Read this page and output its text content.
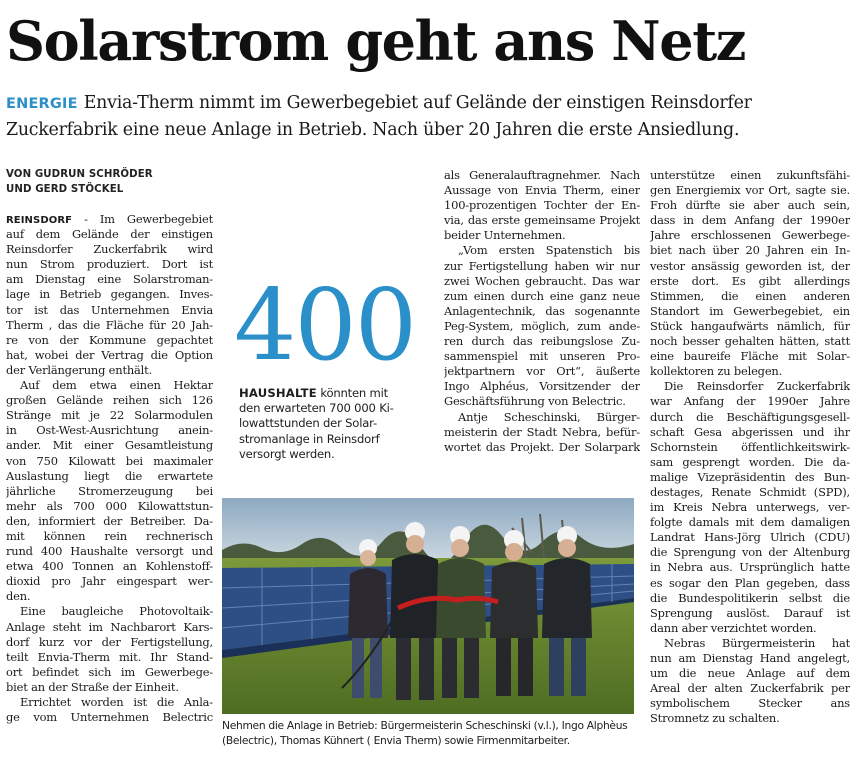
Solarstrom geht ans Netz
ENERGIE Envia-Therm nimmt im Gewerbegebiet auf Gelände der einstigen Reinsdorfer
Zuckerfabrik eine neue Anlage in Betrieb. Nach über 20 Jahren die erste Ansiedlung.
VON GUDRUN SCHRÖDER
UND GERD STÖCKEL
REINSDORF - Im Gewerbegebiet
auf dem Gelände der einstigen
Reinsdorfer Zuckerfabrik wird
nun Strom produziert. Dort ist
am Dienstag eine Solarstroman-
lage in Betrieb gegangen. Inves-
tor ist das Unternehmen Envia
Therm , das die Fläche für 20 Jah-
re von der Kommune gepachtet
hat, wobei der Vertrag die Option
der Verlängerung enthält.
Auf dem etwa einen Hektar
großen Gelände reihen sich 126
Stränge mit je 22 Solarmodulen
in Ost-West-Ausrichtung anein-
ander. Mit einer Gesamtleistung
von 750 Kilowatt bei maximaler
Auslastung liegt die erwartete
jährliche Stromerzeugung bei
mehr als 700 000 Kilowattstun-
den, informiert der Betreiber. Da-
mit können rein rechnerisch
rund 400 Haushalte versorgt und
etwa 400 Tonnen an Kohlenstoff-
dioxid pro Jahr eingespart wer-
den.
Eine baugleiche Photovoltaik-
Anlage steht im Nachbarort Kars-
dorf kurz vor der Fertigstellung,
teilt Envia-Therm mit. Ihr Stand-
ort befindet sich im Gewerbege-
biet an der Straße der Einheit.
Errichtet worden ist die Anla-
ge vom Unternehmen Belectric
als Generalauftragnehmer. Nach
Aussage von Envia Therm, einer
100-prozentigen Tochter der En-
via, das erste gemeinsame Projekt
beider Unternehmen.
„Vom ersten Spatenstich bis
zur Fertigstellung haben wir nur
zwei Wochen gebraucht. Das war
zum einen durch eine ganz neue
Anlagentechnik, das sogenannte
Peg-System, möglich, zum ande-
ren durch das reibungslose Zu-
sammenspiel mit unseren Pro-
jektpartnern vor Ort“, äußerte
Ingo Alphéus, Vorsitzender der
Geschäftsführung von Belectric.
Antje Scheschinski, Bürger-
meisterin der Stadt Nebra, befür-
wortet das Projekt. Der Solarpark
unterstütze einen zukunftsfähi-
gen Energiemix vor Ort, sagte sie.
Froh dürfte sie aber auch sein,
dass in dem Anfang der 1990er
Jahre erschlossenen Gewerbege-
biet nach über 20 Jahren ein In-
vestor ansässig geworden ist, der
erste dort. Es gibt allerdings
Stimmen, die einen anderen
Standort im Gewerbegebiet, ein
Stück hangaufwärts nämlich, für
noch besser gehalten hätten, statt
eine baureife Fläche mit Solar-
kollektoren zu belegen.
Die Reinsdorfer Zuckerfabrik
war Anfang der 1990er Jahre
durch die Beschäftigungsgesell-
schaft Gesa abgerissen und ihr
Schornstein öffentlichkeitswirk-
sam gesprengt worden. Die da-
malige Vizepräsidentin des Bun-
destages, Renate Schmidt (SPD),
im Kreis Nebra unterwegs, ver-
folgte damals mit dem damaligen
Landrat Hans-Jörg Ulrich (CDU)
die Sprengung von der Altenburg
in Nebra aus. Ursprünglich hatte
es sogar den Plan gegeben, dass
die Bundespolitikerin selbst die
Sprengung auslöst. Darauf ist
dann aber verzichtet worden.
Nebras Bürgermeisterin hat
nun am Dienstag Hand angelegt,
um die neue Anlage auf dem
Areal der alten Zuckerfabrik per
symbolischem Stecker ans
Stromnetz zu schalten.
400
HAUSHALTE könnten mit
den erwarteten 700 000 Ki-
lowattstunden der Solar-
stromanlage in Reinsdorf
versorgt werden.
Nehmen die Anlage in Betrieb: Bürgermeisterin Scheschinski (v.l.), Ingo Alphèus
(Belectric), Thomas Kühnert ( Envia Therm) sowie Firmenmitarbeiter.
